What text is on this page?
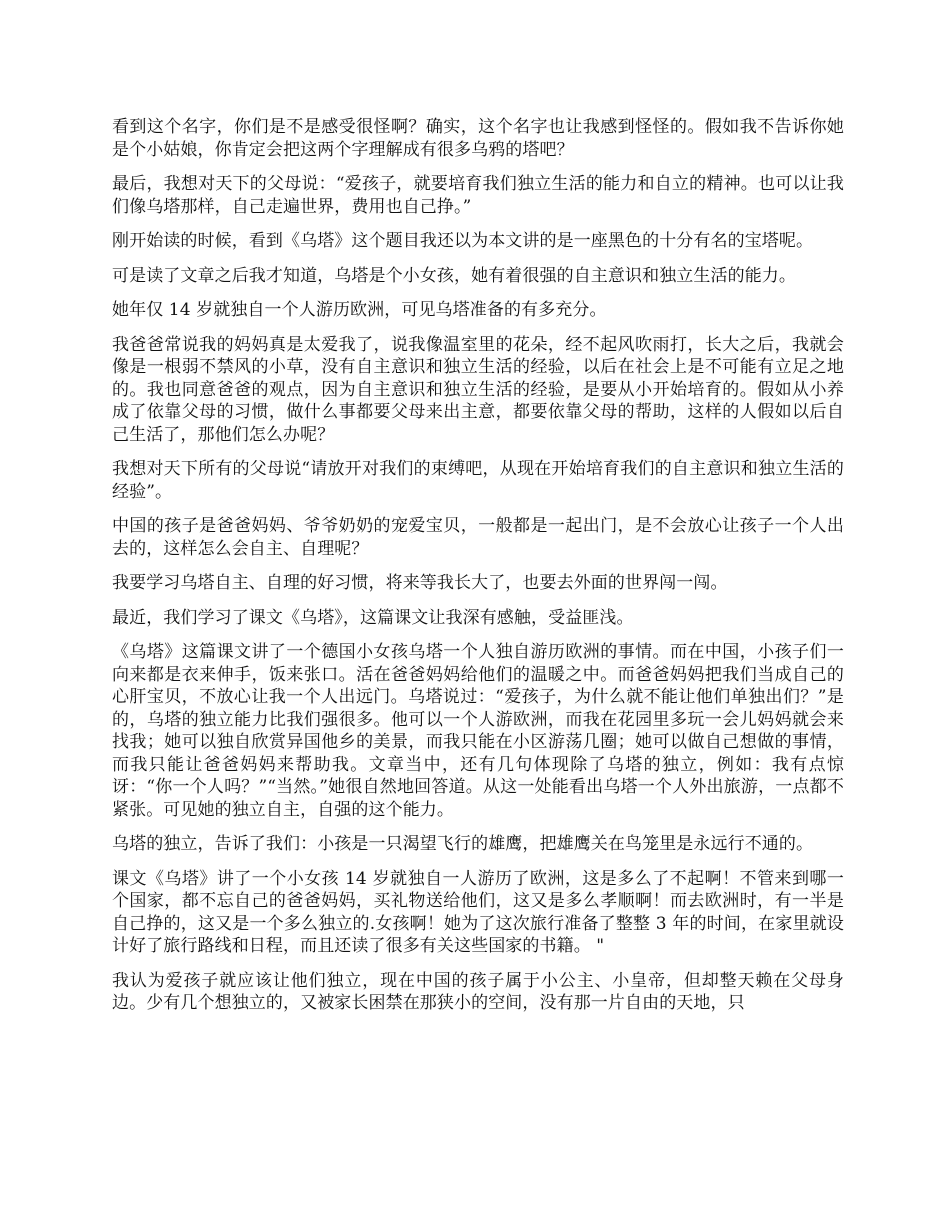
看到这个名字，你们是不是感受很怪啊？确实，这个名字也让我感到怪怪的。假如我不告诉你她是个小姑娘，你肯定会把这两个字理解成有很多乌鸦的塔吧？

最后，我想对天下的父母说：“爱孩子，就要培育我们独立生活的能力和自立的精神。也可以让我们像乌塔那样，自己走遍世界，费用也自己挣。”

刚开始读的时候，看到《乌塔》这个题目我还以为本文讲的是一座黑色的十分有名的宝塔呢。

可是读了文章之后我才知道，乌塔是个小女孩，她有着很强的自主意识和独立生活的能力。

她年仅 14 岁就独自一个人游历欧洲，可见乌塔准备的有多充分。

我爸爸常说我的妈妈真是太爱我了，说我像温室里的花朵，经不起风吹雨打，长大之后，我就会像是一根弱不禁风的小草，没有自主意识和独立生活的经验，以后在社会上是不可能有立足之地的。我也同意爸爸的观点，因为自主意识和独立生活的经验，是要从小开始培育的。假如从小养成了依靠父母的习惯，做什么事都要父母来出主意，都要依靠父母的帮助，这样的人假如以后自己生活了，那他们怎么办呢？

我想对天下所有的父母说“请放开对我们的束缚吧，从现在开始培育我们的自主意识和独立生活的经验”。

中国的孩子是爸爸妈妈、爷爷奶奶的宠爱宝贝，一般都是一起出门，是不会放心让孩子一个人出去的，这样怎么会自主、自理呢？

我要学习乌塔自主、自理的好习惯，将来等我长大了，也要去外面的世界闯一闯。

最近，我们学习了课文《乌塔》，这篇课文让我深有感触，受益匪浅。

《乌塔》这篇课文讲了一个德国小女孩乌塔一个人独自游历欧洲的事情。而在中国，小孩子们一向来都是衣来伸手，饭来张口。活在爸爸妈妈给他们的温暖之中。而爸爸妈妈把我们当成自己的心肝宝贝，不放心让我一个人出远门。乌塔说过：“爱孩子，为什么就不能让他们单独出们？”是的，乌塔的独立能力比我们强很多。他可以一个人游欧洲，而我在花园里多玩一会儿妈妈就会来找我；她可以独自欣赏异国他乡的美景，而我只能在小区游荡几圈；她可以做自己想做的事情，而我只能让爸爸妈妈来帮助我。文章当中，还有几句体现除了乌塔的独立，例如：我有点惊讶：“你一个人吗？”“当然。”她很自然地回答道。从这一处能看出乌塔一个人外出旅游，一点都不紧张。可见她的独立自主，自强的这个能力。

乌塔的独立，告诉了我们：小孩是一只渴望飞行的雄鹰，把雄鹰关在鸟笼里是永远行不通的。

课文《乌塔》讲了一个小女孩 14 岁就独自一人游历了欧洲，这是多么了不起啊！不管来到哪一个国家，都不忘自己的爸爸妈妈，买礼物送给他们，这又是多么孝顺啊！而去欧洲时，有一半是自己挣的，这又是一个多么独立的.女孩啊！她为了这次旅行准备了整整 3 年的时间，在家里就设计好了旅行路线和日程，而且还读了很多有关这些国家的书籍。 "

我认为爱孩子就应该让他们独立，现在中国的孩子属于小公主、小皇帝，但却整天赖在父母身边。少有几个想独立的，又被家长困禁在那狭小的空间，没有那一片自由的天地，只
